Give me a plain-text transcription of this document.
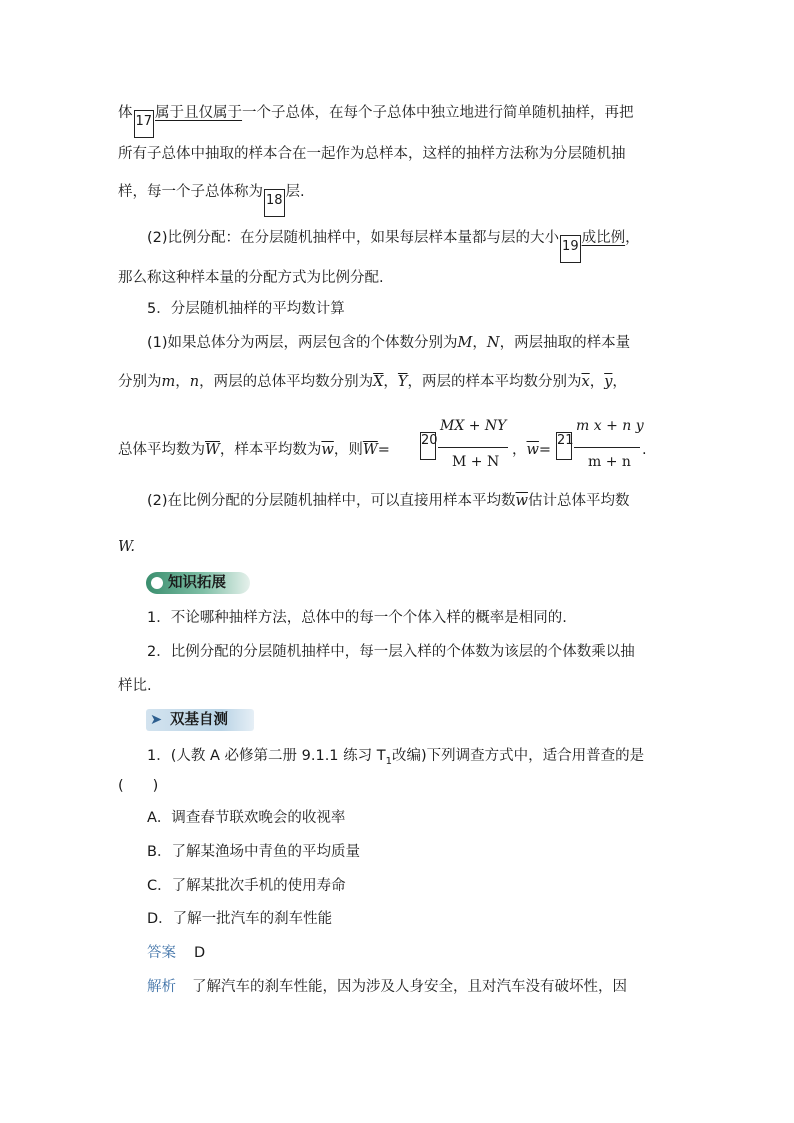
体17属于且仅属于一个子总体，在每个子总体中独立地进行简单随机抽样，再把
所有子总体中抽取的样本合在一起作为总样本，这样的抽样方法称为分层随机抽
样，每一个子总体称为18层.
(2)比例分配：在分层随机抽样中，如果每层样本量都与层的大小19成比例，
那么称这种样本量的分配方式为比例分配.
5．分层随机抽样的平均数计算
(1)如果总体分为两层，两层包含的个体数分别为M，N，两层抽取的样本量
分别为m，n，两层的总体平均数分别为$\overline{X}$，$\overline{Y}$，两层的样本平均数分别为$\overline{x}$，$\overline{y}$，
总体平均数为$\overline{W}$，样本平均数为$\overline{w}$，则$\overline{W}=$
20
MX + NY
M + N
，$\overline{w}=$
21
m x + n y
m + n
.
(2)在比例分配的分层随机抽样中，可以直接用样本平均数$\overline{w}$估计总体平均数
W.
知识拓展
1．不论哪种抽样方法，总体中的每一个个体入样的概率是相同的.
2．比例分配的分层随机抽样中，每一层入样的个体数为该层的个体数乘以抽
样比.
➤ 双基自测
1．(人教 A 必修第二册 9.1.1 练习 $T_1$改编)下列调查方式中，适合用普查的是
(　　)
A．调查春节联欢晚会的收视率
B．了解某渔场中青鱼的平均质量
C．了解某批次手机的使用寿命
D．了解一批汽车的刹车性能
答案 D
解析 了解汽车的刹车性能，因为涉及人身安全，且对汽车没有破坏性，因
